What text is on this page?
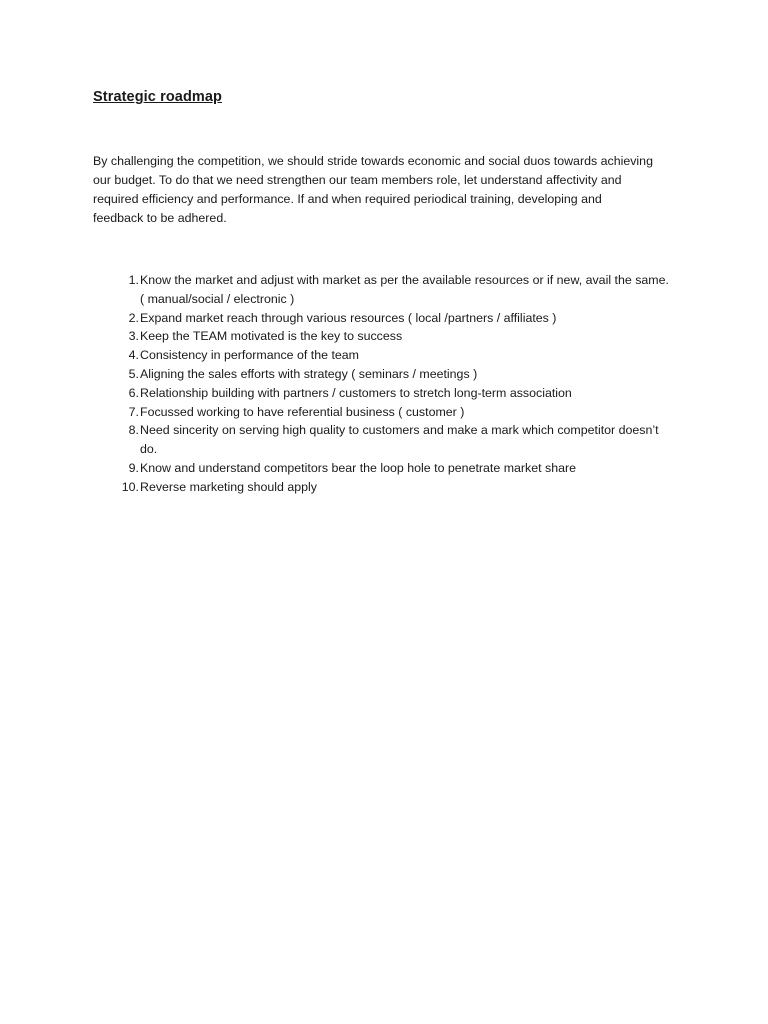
Strategic roadmap

By challenging the competition, we should stride towards economic and social duos towards achieving our budget. To do that we need strengthen our team members role, let understand affectivity and required efficiency and performance. If and when required periodical training, developing and feedback to be adhered.

1. Know the market and adjust with market as per the available resources or if new, avail the same. ( manual/social / electronic )
2. Expand market reach through various resources ( local /partners / affiliates )
3. Keep the TEAM motivated is the key to success
4. Consistency in performance of the team
5. Aligning the sales efforts with strategy ( seminars / meetings )
6. Relationship building with partners / customers to stretch long-term association
7. Focussed working to have referential business ( customer )
8. Need sincerity on serving high quality to customers and make a mark which competitor doesn’t do.
9. Know and understand competitors bear the loop hole to penetrate market share
10. Reverse marketing should apply
